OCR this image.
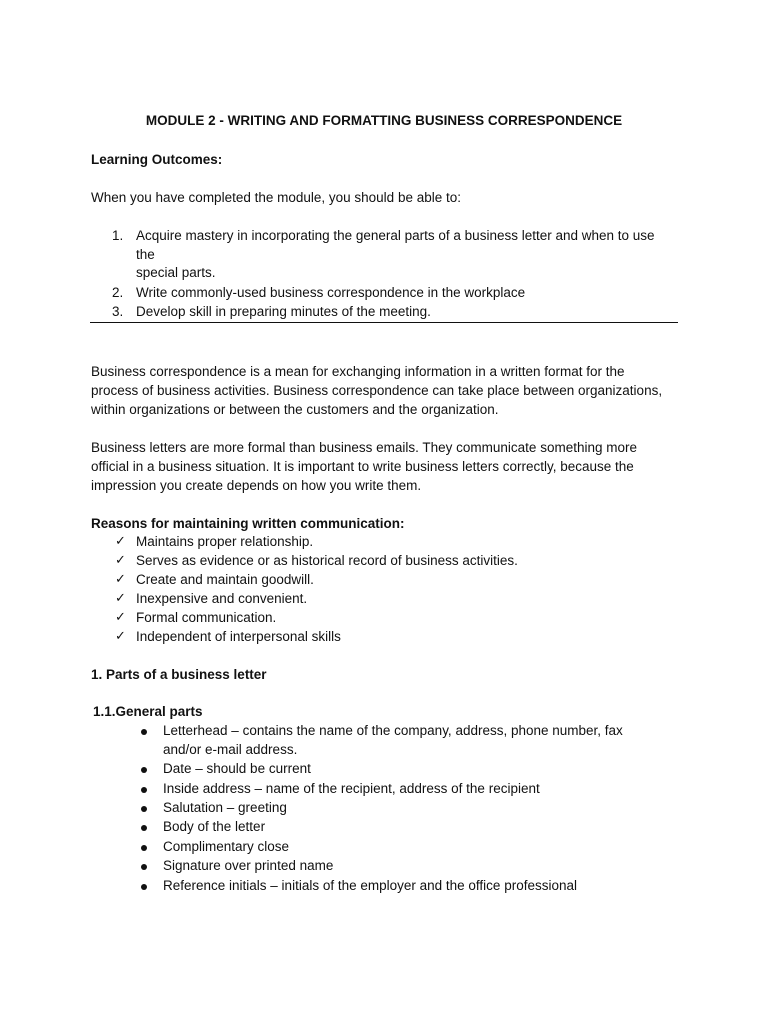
MODULE 2 - WRITING AND FORMATTING BUSINESS CORRESPONDENCE
Learning Outcomes:
When you have completed the module, you should be able to:
1. Acquire mastery in incorporating the general parts of a business letter and when to use
the
special parts.
2. Write commonly-used business correspondence in the workplace
3. Develop skill in preparing minutes of the meeting.
Business correspondence is a mean for exchanging information in a written format for the
process of business activities. Business correspondence can take place between organizations,
within organizations or between the customers and the organization.
Business letters are more formal than business emails. They communicate something more
official in a business situation. It is important to write business letters correctly, because the
impression you create depends on how you write them.
Reasons for maintaining written communication:
✓ Maintains proper relationship.
✓ Serves as evidence or as historical record of business activities.
✓ Create and maintain goodwill.
✓ Inexpensive and convenient.
✓ Formal communication.
✓ Independent of interpersonal skills
1. Parts of a business letter
1.1.General parts
Letterhead – contains the name of the company, address, phone number, fax
and/or e-mail address.
Date – should be current
Inside address – name of the recipient, address of the recipient
Salutation – greeting
Body of the letter
Complimentary close
Signature over printed name
Reference initials – initials of the employer and the office professional
